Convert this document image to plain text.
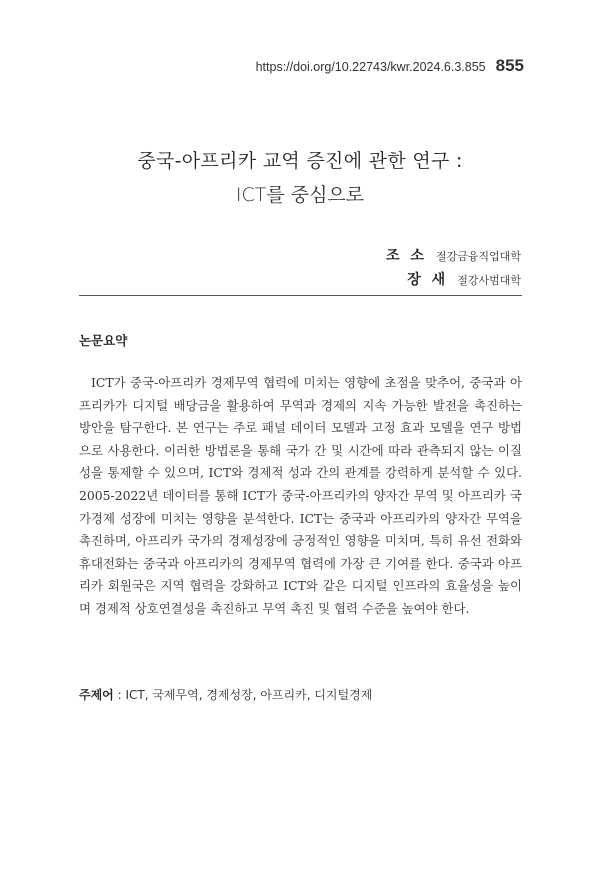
https://doi.org/10.22743/kwr.2024.6.3.855 855
중국-아프리카 교역 증진에 관한 연구 :
ICT를 중심으로
조 소 절강금융직업대학
장 새 절강사범대학
논문요약

ICT가 중국-아프리카 경제무역 협력에 미치는 영향에 초점을 맞추어, 중국과 아프리카가 디지털 배당금을 활용하여 무역과 경제의 지속 가능한 발전을 촉진하는 방안을 탐구한다. 본 연구는 주로 패널 데이터 모델과 고정 효과 모델을 연구 방법으로 사용한다. 이러한 방법론을 통해 국가 간 및 시간에 따라 관측되지 않는 이질성을 통제할 수 있으며, ICT와 경제적 성과 간의 관계를 강력하게 분석할 수 있다. 2005-2022년 데이터를 통해 ICT가 중국-아프리카의 양자간 무역 및 아프리카 국가경제 성장에 미치는 영향을 분석한다. ICT는 중국과 아프리카의 양자간 무역을 촉진하며, 아프리카 국가의 경제성장에 긍정적인 영향을 미치며, 특히 유선 전화와 휴대전화는 중국과 아프리카의 경제무역 협력에 가장 큰 기여를 한다. 중국과 아프리카 회원국은 지역 협력을 강화하고 ICT와 같은 디지털 인프라의 효율성을 높이며 경제적 상호연결성을 촉진하고 무역 촉진 및 협력 수준을 높여야 한다.

주제어 : ICT, 국제무역, 경제성장, 아프리카, 디지털경제
